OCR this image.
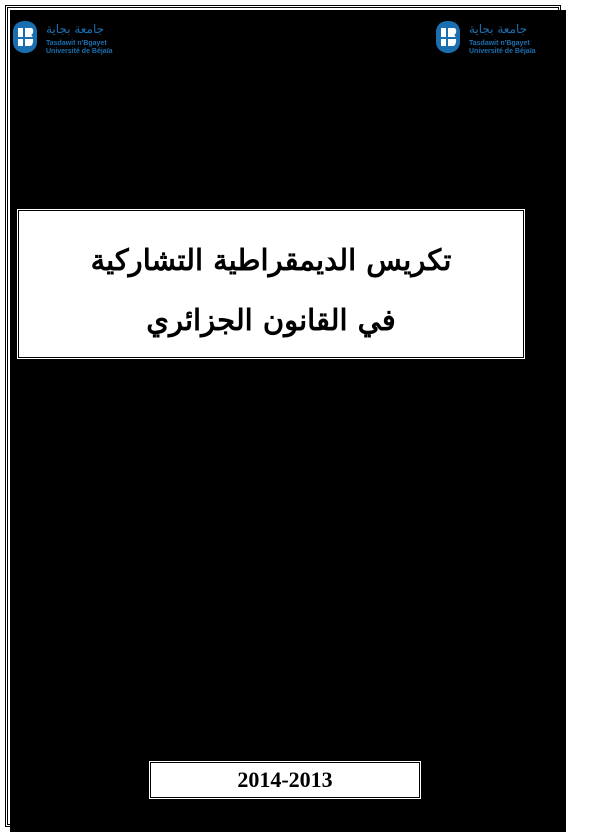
جامعة بجاية
Tasdawit n'Bgayet
Université de Béjaïa
جامعة بجاية
Tasdawit n'Bgayet
Université de Béjaïa
جامعة عبد الرحمان ميرة_بجاية
كلية الحقوق والعلوم السياسية
قسم القانون العام
العنوان
تكريس الديمقراطية التشاركية
في القانون الجزائري
مذكرة لنيل شهادة الماستر
فرع: القانون العام
تخصص: الجماعات المحلية والهيئات الإقليمية
من إعداد الطلبتين:
تحت إشراف الأستاذ:
طمين وحيدة
بوخزار كنزة
عيساوي عزالدين
لجنة المناقشة
الأستاذ: بلول جمال....................................................رئيسا
الأستاذ: عيساوي عزالدين..........................................مشرفا ومقررا
الأستاذ:بن خالد السعدي..............................................ممتحنا
2014-2013
